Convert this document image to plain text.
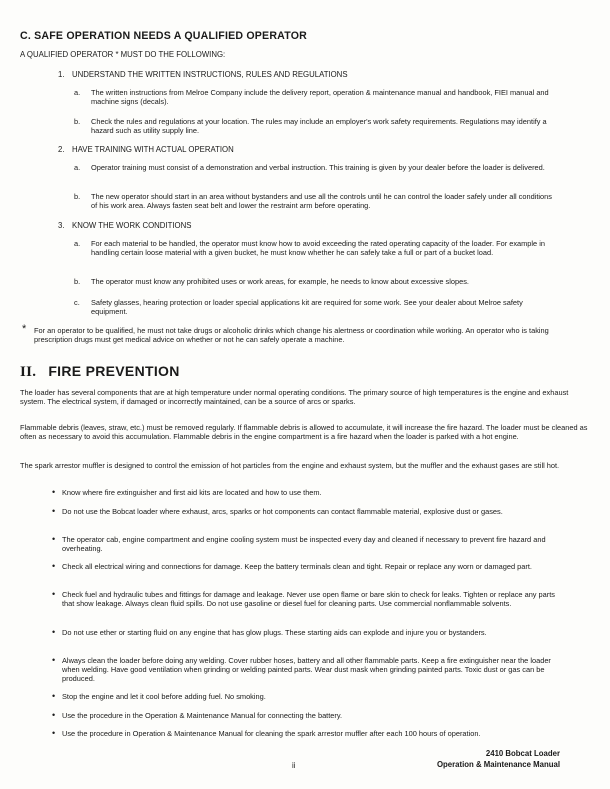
C. SAFE OPERATION NEEDS A QUALIFIED OPERATOR
A QUALIFIED OPERATOR * MUST DO THE FOLLOWING:
1. UNDERSTAND THE WRITTEN INSTRUCTIONS, RULES AND REGULATIONS
a.	The written instructions from Melroe Company include the delivery report, operation & maintenance manual and handbook, FIEI manual and machine signs (decals).
b.	Check the rules and regulations at your location. The rules may include an employer's work safety requirements. Regulations may identify a hazard such as utility supply line.
2. HAVE TRAINING WITH ACTUAL OPERATION
a.	Operator training must consist of a demonstration and verbal instruction. This training is given by your dealer before the loader is delivered.
b.	The new operator should start in an area without bystanders and use all the controls until he can control the loader safely under all conditions of his work area. Always fasten seat belt and lower the restraint arm before operating.
3. KNOW THE WORK CONDITIONS
a.	For each material to be handled, the operator must know how to avoid exceeding the rated operating capacity of the loader. For example in handling certain loose material with a given bucket, he must know whether he can safely take a full or part of a bucket load.
b.	The operator must know any prohibited uses or work areas, for example, he needs to know about excessive slopes.
c.	Safety glasses, hearing protection or loader special applications kit are required for some work. See your dealer about Melroe safety equipment.
*	For an operator to be qualified, he must not take drugs or alcoholic drinks which change his alertness or coordination while working. An operator who is taking prescription drugs must get medical advice on whether or not he can safely operate a machine.
II. FIRE PREVENTION
The loader has several components that are at high temperature under normal operating conditions. The primary source of high temperatures is the engine and exhaust system. The electrical system, if damaged or incorrectly maintained, can be a source of arcs or sparks.
Flammable debris (leaves, straw, etc.) must be removed regularly. If flammable debris is allowed to accumulate, it will increase the fire hazard. The loader must be cleaned as often as necessary to avoid this accumulation. Flammable debris in the engine compartment is a fire hazard when the loader is parked with a hot engine.
The spark arrestor muffler is designed to control the emission of hot particles from the engine and exhaust system, but the muffler and the exhaust gases are still hot.
• Know where fire extinguisher and first aid kits are located and how to use them.
• Do not use the Bobcat loader where exhaust, arcs, sparks or hot components can contact flammable material, explosive dust or gases.
• The operator cab, engine compartment and engine cooling system must be inspected every day and cleaned if necessary to prevent fire hazard and overheating.
• Check all electrical wiring and connections for damage. Keep the battery terminals clean and tight. Repair or replace any worn or damaged part.
• Check fuel and hydraulic tubes and fittings for damage and leakage. Never use open flame or bare skin to check for leaks. Tighten or replace any parts that show leakage. Always clean fluid spills. Do not use gasoline or diesel fuel for cleaning parts. Use commercial nonflammable solvents.
• Do not use ether or starting fluid on any engine that has glow plugs. These starting aids can explode and injure you or bystanders.
• Always clean the loader before doing any welding. Cover rubber hoses, battery and all other flammable parts. Keep a fire extinguisher near the loader when welding. Have good ventilation when grinding or welding painted parts. Wear dust mask when grinding painted parts. Toxic dust or gas can be produced.
• Stop the engine and let it cool before adding fuel. No smoking.
• Use the procedure in the Operation & Maintenance Manual for connecting the battery.
• Use the procedure in Operation & Maintenance Manual for cleaning the spark arrestor muffler after each 100 hours of operation.
2410 Bobcat Loader
ii	Operation & Maintenance Manual
